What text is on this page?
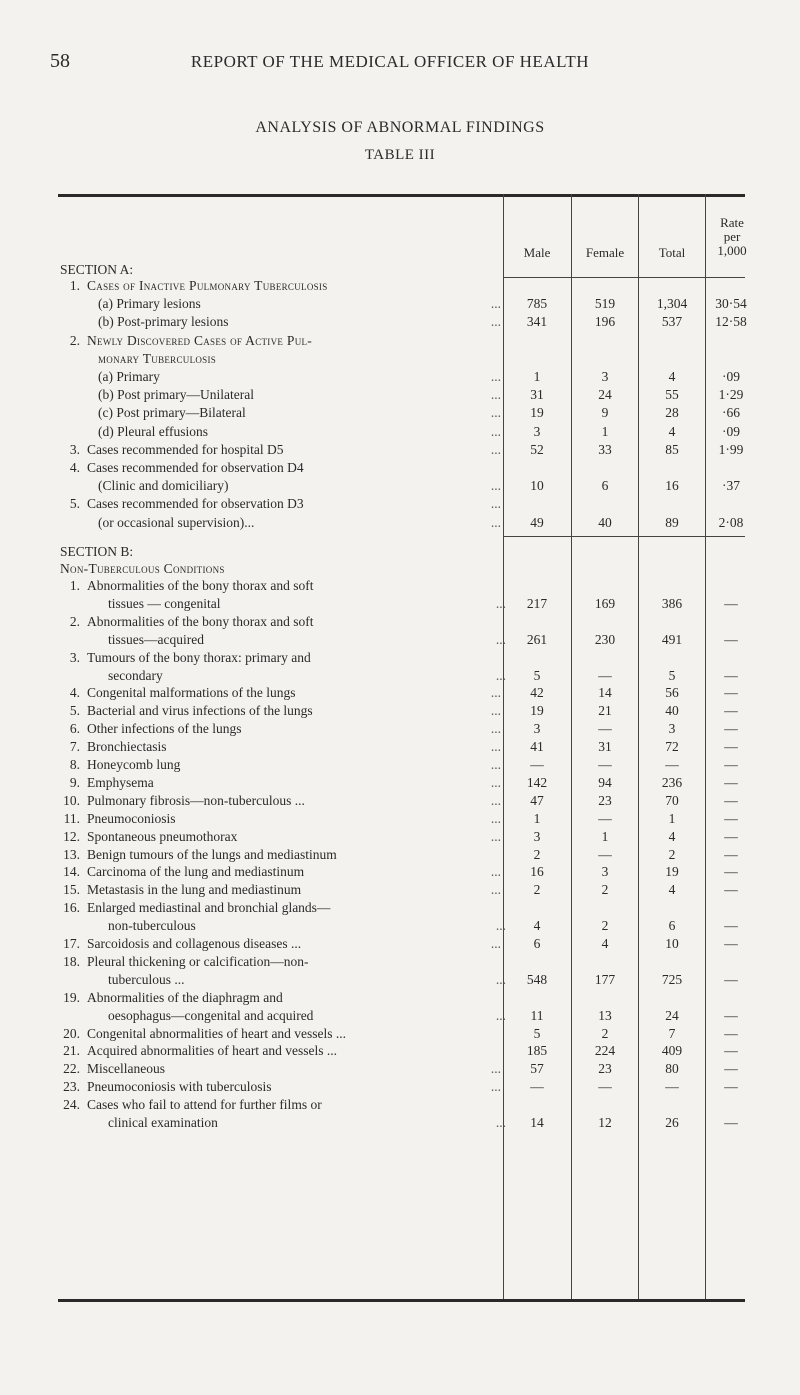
58	REPORT OF THE MEDICAL OFFICER OF HEALTH
ANALYSIS OF ABNORMAL FINDINGS
TABLE III
Male	Female	Total
Rate
per
1,000
SECTION A:
1. Cases of Inactive Pulmonary Tuberculosis
...
(a) Primary lesions	785	519	1,304	30·54
...
(b) Post-primary lesions	341	196	537	12·58
2. Newly Discovered Cases of Active Pul-
monary Tuberculosis
...
(a) Primary	1	3	4	·09
...
(b) Post primary—Unilateral	31	24	55	1·29
...
(c) Post primary—Bilateral	19	9	28	·66
...
(d) Pleural effusions	3	1	4	·09
...
3. Cases recommended for hospital D5	52	33	85	1·99
4. Cases recommended for observation D4
...
(Clinic and domiciliary)	10	6	16	·37
...
5. Cases recommended for observation D3
...
(or occasional supervision)...	49	40	89	2·08
SECTION B:
Non-Tuberculous Conditions
1. Abnormalities of the bony thorax and soft
...
tissues — congenital	217	169	386	—
2. Abnormalities of the bony thorax and soft
...
tissues—acquired	261	230	491	—
3. Tumours of the bony thorax: primary and
...
secondary	5	—	5	—
...
4. Congenital malformations of the lungs	42	14	56	—
...
5. Bacterial and virus infections of the lungs	19	21	40	—
...
6. Other infections of the lungs	3	—	3	—
...
7. Bronchiectasis	41	31	72	—
...
8. Honeycomb lung	—	—	—	—
...
9. Emphysema	142	94	236	—
...
10. Pulmonary fibrosis—non-tuberculous ...	47	23	70	—
...
11. Pneumoconiosis	1	—	1	—
...
12. Spontaneous pneumothorax	3	1	4	—
13. Benign tumours of the lungs and mediastinum	2	—	2	—
...
14. Carcinoma of the lung and mediastinum	16	3	19	—
...
15. Metastasis in the lung and mediastinum	2	2	4	—
16. Enlarged mediastinal and bronchial glands—
...
non-tuberculous	4	2	6	—
...
17. Sarcoidosis and collagenous diseases ...	6	4	10	—
18. Pleural thickening or calcification—non-
...
tuberculous ...	548	177	725	—
19. Abnormalities of the diaphragm and
...
oesophagus—congenital and acquired	11	13	24	—
20. Congenital abnormalities of heart and vessels ...	5	2	7	—
21. Acquired abnormalities of heart and vessels ...	185	224	409	—
...
22. Miscellaneous	57	23	80	—
...
23. Pneumoconiosis with tuberculosis	—	—	—	—
24. Cases who fail to attend for further films or
...
clinical examination	14	12	26	—
